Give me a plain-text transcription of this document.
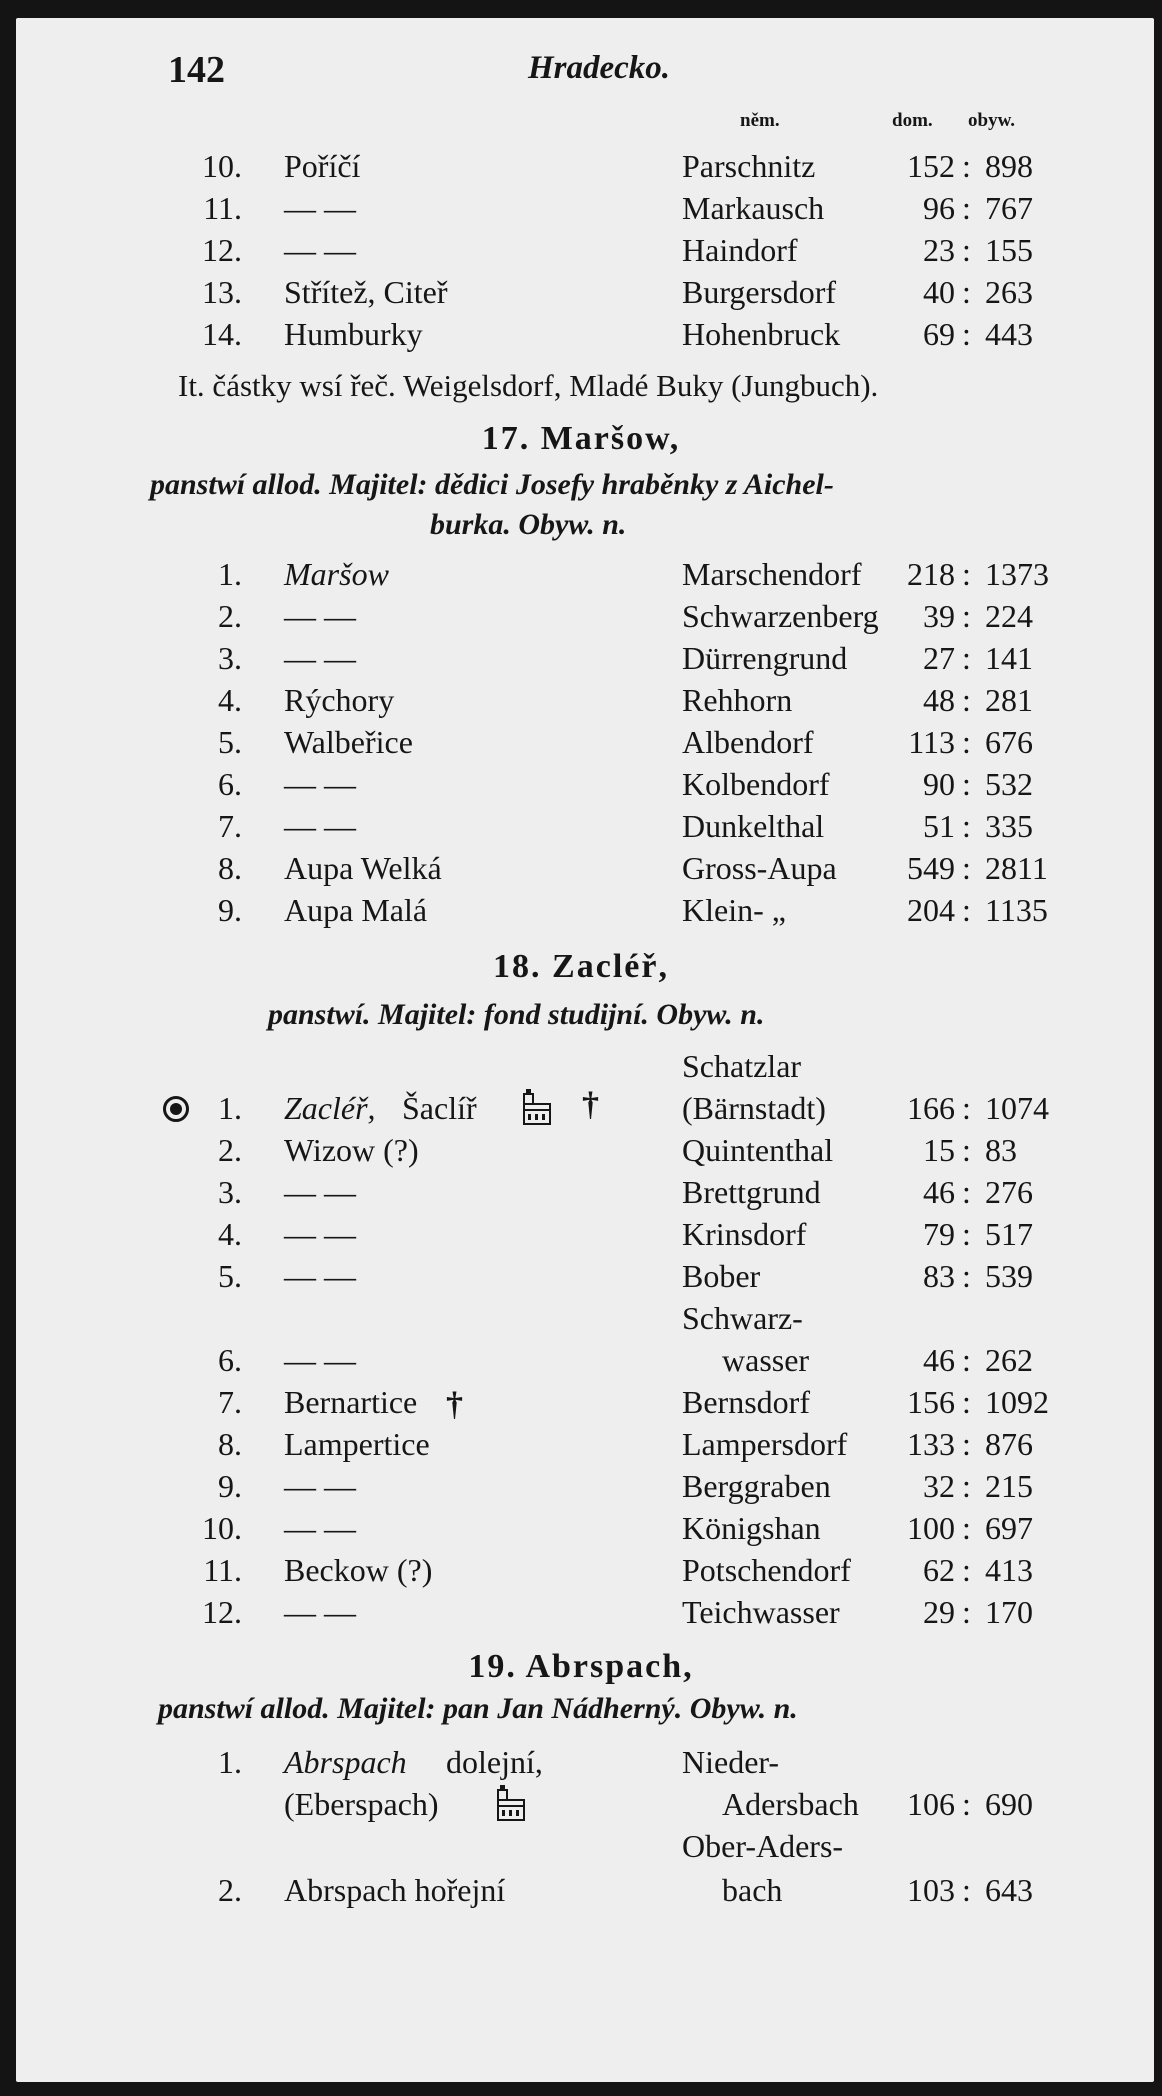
142	Hradecko.
něm.	dom. obyw.
10. Poříčí	Parschnitz	152 : 898
11. — —	Markausch	96 : 767
12. — —	Haindorf	23 : 155
13. Střítež, Citeř	Burgersdorf	40 : 263
14. Humburky	Hohenbruck	69 : 443
It. částky wsí řeč. Weigelsdorf, Mladé Buky (Jungbuch).
17. Maršow,
panstwí allod. Majitel: dědici Josefy hraběnky z Aichel-
burka. Obyw. n.
1. Maršow	Marschendorf	218 : 1373
2. — —	Schwarzenberg	39 : 224
3. — —	Dürrengrund	27 : 141
4. Rýchory	Rehhorn	48 : 281
5. Walbeřice	Albendorf	113 : 676
6. — —	Kolbendorf	90 : 532
7. — —	Dunkelthal	51 : 335
8. Aupa Welká	Gross-Aupa	549 : 2811
9. Aupa Malá	Klein- „	204 : 1135
18. Zacléř,
panstwí. Majitel: fond studijní. Obyw. n.
Schatzlar
1. Zacléř, Šaclíř	(Bärnstadt)	166 : 1074
†
2. Wizow (?)	Quintenthal	15 : 83
3. — —	Brettgrund	46 : 276
4. — —	Krinsdorf	79 : 517
5. — —	Bober	83 : 539
Schwarz-
6. — —	wasser	46 : 262
7. Bernartice	Bernsdorf	156 : 1092
†
8. Lampertice	Lampersdorf	133 : 876
9. — —	Berggraben	32 : 215
10. — —	Königshan	100 : 697
11. Beckow (?)	Potschendorf	62 : 413
12. — —	Teichwasser	29 : 170
19. Abrspach,
panstwí allod. Majitel: pan Jan Nádherný. Obyw. n.
1. Abrspach dolejní,	Nieder-
(Eberspach)	Adersbach	106 : 690
Ober-Aders-
2. Abrspach hořejní	bach	103 : 643
